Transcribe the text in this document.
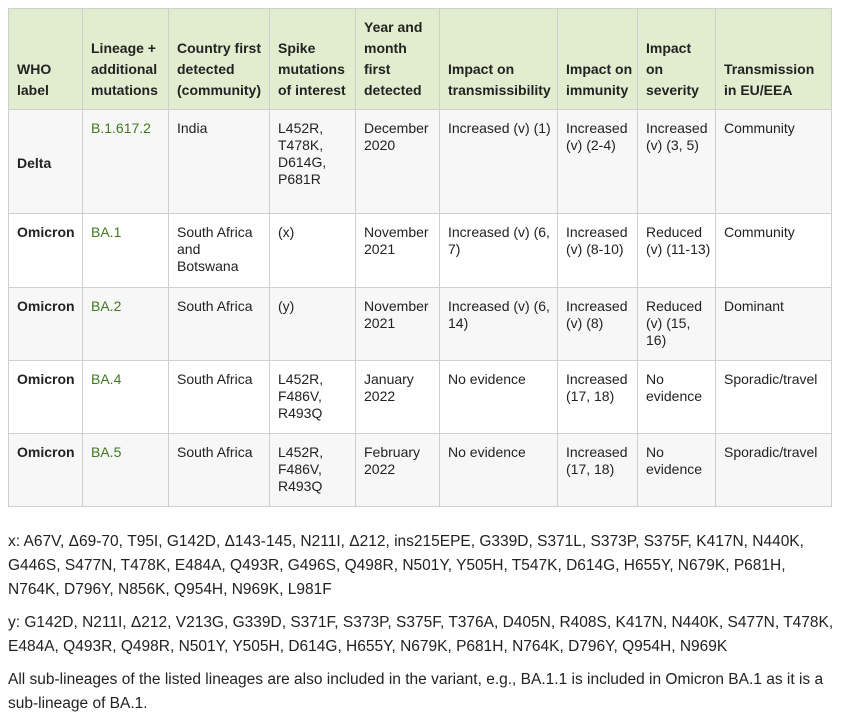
WHO label	Lineage + additional mutations	Country first detected (community)	Spike mutations of interest	Year and month first detected	Impact on transmissibility	Impact on immunity	Impact on severity	Transmission in EU/EEA
Delta	B.1.617.2	India	L452R, T478K, D614G, P681R	December 2020	Increased (v) (1)	Increased (v) (2-4)	Increased (v) (3, 5)	Community
Omicron	BA.1	South Africa and Botswana	(x)	November 2021	Increased (v) (6, 7)	Increased (v) (8-10)	Reduced (v) (11-13)	Community
Omicron	BA.2	South Africa	(y)	November 2021	Increased (v) (6, 14)	Increased (v) (8)	Reduced (v) (15, 16)	Dominant
Omicron	BA.4	South Africa	L452R, F486V, R493Q	January 2022	No evidence	Increased (17, 18)	No evidence	Sporadic/travel
Omicron	BA.5	South Africa	L452R, F486V, R493Q	February 2022	No evidence	Increased (17, 18)	No evidence	Sporadic/travel

x: A67V, Δ69-70, T95I, G142D, Δ143-145, N211I, Δ212, ins215EPE, G339D, S371L, S373P, S375F, K417N, N440K, G446S, S477N, T478K, E484A, Q493R, G496S, Q498R, N501Y, Y505H, T547K, D614G, H655Y, N679K, P681H, N764K, D796Y, N856K, Q954H, N969K, L981F

y: G142D, N211I, Δ212, V213G, G339D, S371F, S373P, S375F, T376A, D405N, R408S, K417N, N440K, S477N, T478K, E484A, Q493R, Q498R, N501Y, Y505H, D614G, H655Y, N679K, P681H, N764K, D796Y, Q954H, N969K

All sub-lineages of the listed lineages are also included in the variant, e.g., BA.1.1 is included in Omicron BA.1 as it is a sub-lineage of BA.1.
